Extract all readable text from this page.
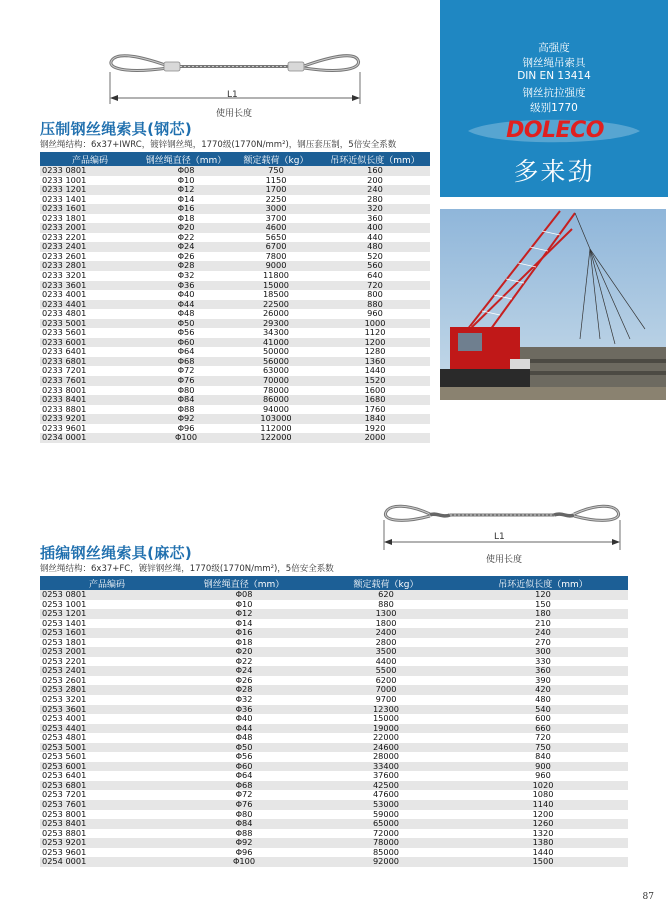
L1
使用长度
压制钢丝绳索具(钢芯)
钢丝绳结构：6x37+IWRC，镀锌钢丝绳，1770级(1770N/mm²)，钢压套压制，5倍安全系数
产品编码	钢丝绳直径（mm）	额定载荷（kg）	吊环近似长度（mm）
0233 0801	Φ08	750	160
0233 1001	Φ10	1150	200
0233 1201	Φ12	1700	240
0233 1401	Φ14	2250	280
0233 1601	Φ16	3000	320
0233 1801	Φ18	3700	360
0233 2001	Φ20	4600	400
0233 2201	Φ22	5650	440
0233 2401	Φ24	6700	480
0233 2601	Φ26	7800	520
0233 2801	Φ28	9000	560
0233 3201	Φ32	11800	640
0233 3601	Φ36	15000	720
0233 4001	Φ40	18500	800
0233 4401	Φ44	22500	880
0233 4801	Φ48	26000	960
0233 5001	Φ50	29300	1000
0233 5601	Φ56	34300	1120
0233 6001	Φ60	41000	1200
0233 6401	Φ64	50000	1280
0233 6801	Φ68	56000	1360
0233 7201	Φ72	63000	1440
0233 7601	Φ76	70000	1520
0233 8001	Φ80	78000	1600
0233 8401	Φ84	86000	1680
0233 8801	Φ88	94000	1760
0233 9201	Φ92	103000	1840
0233 9601	Φ96	112000	1920
0234 0001	Φ100	122000	2000
高强度
钢丝绳吊索具
DIN EN 13414
钢丝抗拉强度
级别1770
DOLECO
多来劲
L1
使用长度
插编钢丝绳索具(麻芯)
钢丝绳结构：6x37+FC，镀锌钢丝绳，1770级(1770N/mm²)，5倍安全系数
产品编码	钢丝绳直径（mm）	额定载荷（kg）	吊环近似长度（mm）
0253 0801	Φ08	620	120
0253 1001	Φ10	880	150
0253 1201	Φ12	1300	180
0253 1401	Φ14	1800	210
0253 1601	Φ16	2400	240
0253 1801	Φ18	2800	270
0253 2001	Φ20	3500	300
0253 2201	Φ22	4400	330
0253 2401	Φ24	5500	360
0253 2601	Φ26	6200	390
0253 2801	Φ28	7000	420
0253 3201	Φ32	9700	480
0253 3601	Φ36	12300	540
0253 4001	Φ40	15000	600
0253 4401	Φ44	19000	660
0253 4801	Φ48	22000	720
0253 5001	Φ50	24600	750
0253 5601	Φ56	28000	840
0253 6001	Φ60	33400	900
0253 6401	Φ64	37600	960
0253 6801	Φ68	42500	1020
0253 7201	Φ72	47600	1080
0253 7601	Φ76	53000	1140
0253 8001	Φ80	59000	1200
0253 8401	Φ84	65000	1260
0253 8801	Φ88	72000	1320
0253 9201	Φ92	78000	1380
0253 9601	Φ96	85000	1440
0254 0001	Φ100	92000	1500
87
